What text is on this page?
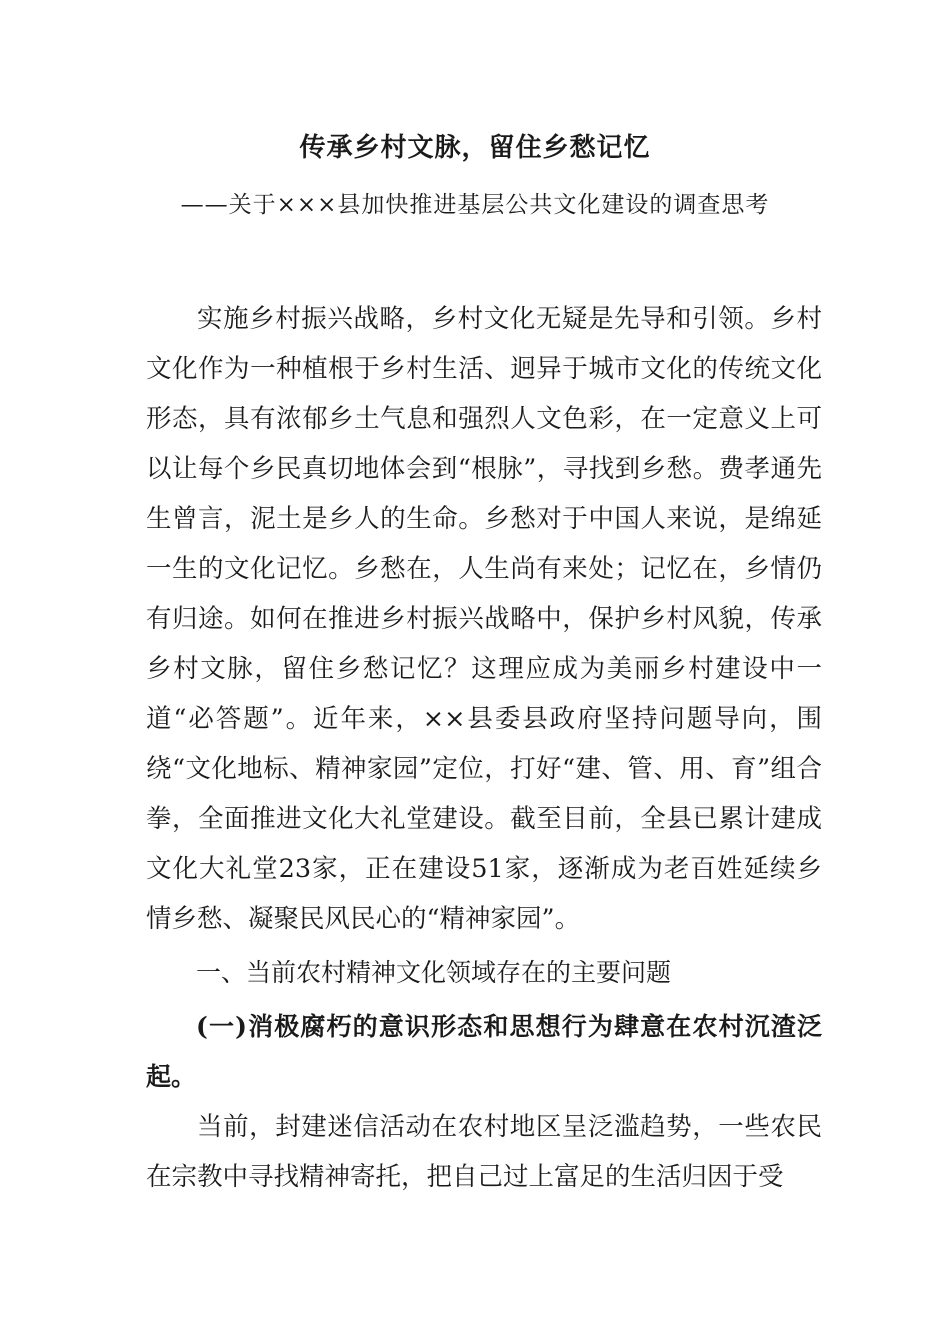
传承乡村文脉，留住乡愁记忆
——关于×××县加快推进基层公共文化建设的调查思考

实施乡村振兴战略，乡村文化无疑是先导和引领。乡村文化作为一种植根于乡村生活、迥异于城市文化的传统文化形态，具有浓郁乡土气息和强烈人文色彩，在一定意义上可以让每个乡民真切地体会到“根脉”，寻找到乡愁。费孝通先生曾言，泥土是乡人的生命。乡愁对于中国人来说，是绵延一生的文化记忆。乡愁在，人生尚有来处；记忆在，乡情仍有归途。如何在推进乡村振兴战略中，保护乡村风貌，传承乡村文脉，留住乡愁记忆？这理应成为美丽乡村建设中一道“必答题”。近年来，××县委县政府坚持问题导向，围绕“文化地标、精神家园”定位，打好“建、管、用、育”组合拳，全面推进文化大礼堂建设。截至目前，全县已累计建成文化大礼堂23家，正在建设51家，逐渐成为老百姓延续乡情乡愁、凝聚民风民心的“精神家园”。

一、当前农村精神文化领域存在的主要问题

(一)消极腐朽的意识形态和思想行为肆意在农村沉渣泛起。

当前，封建迷信活动在农村地区呈泛滥趋势，一些农民在宗教中寻找精神寄托，把自己过上富足的生活归因于受
